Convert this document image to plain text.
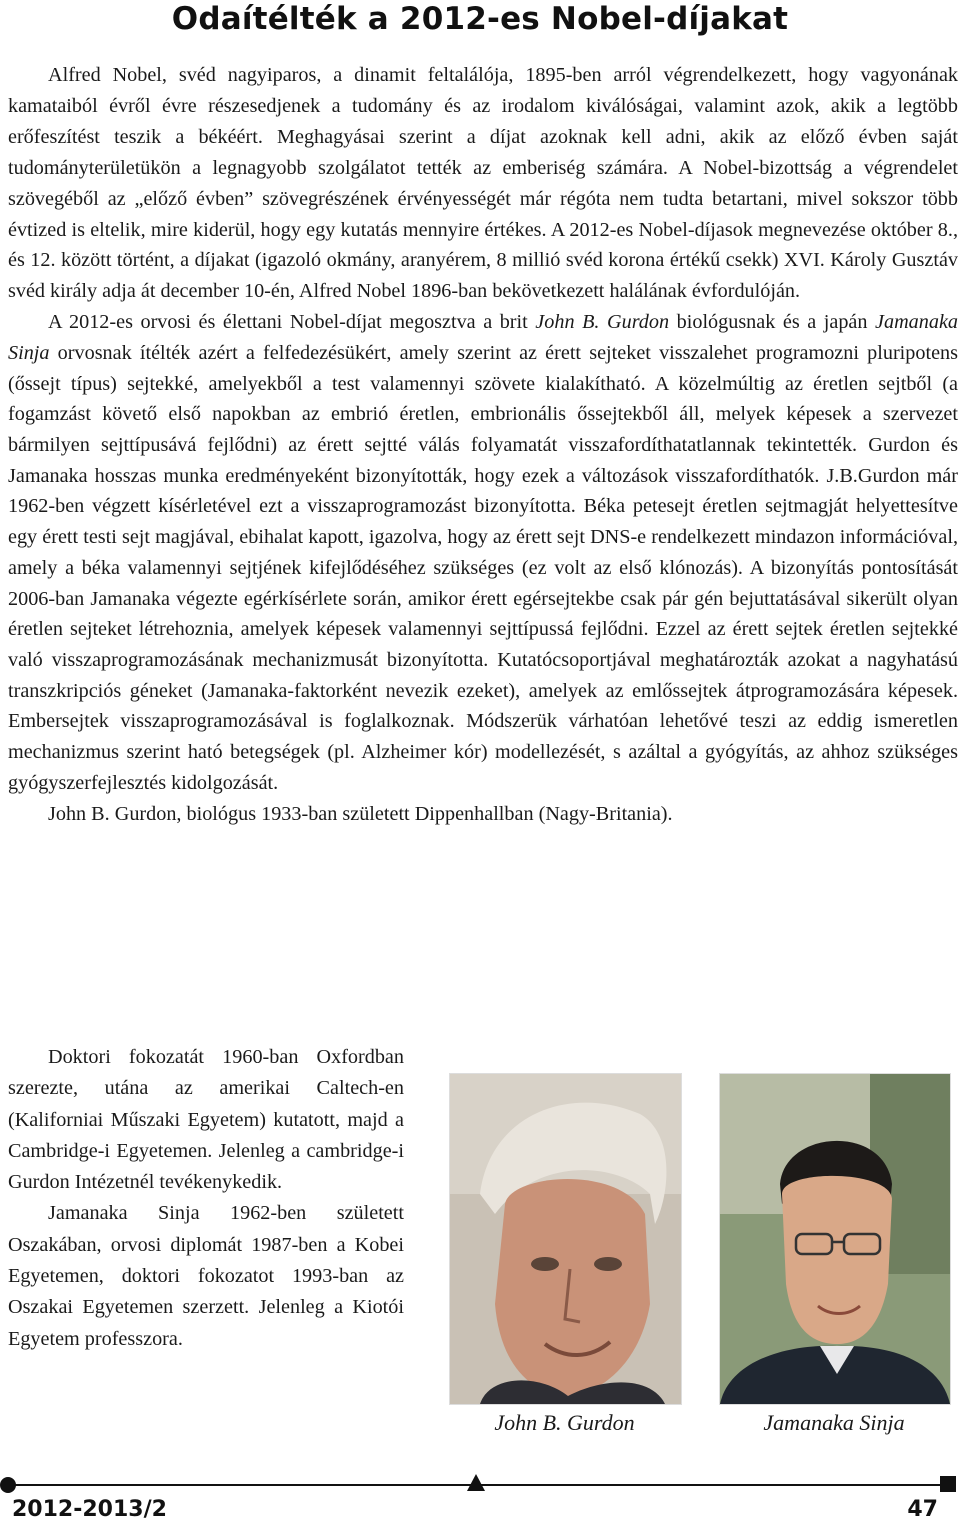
Odaítélték a 2012-es Nobel-díjakat

Alfred Nobel, svéd nagyiparos, a dinamit feltalálója, 1895-ben arról végrendelkezett, hogy vagyonának kamataiból évről évre részesedjenek a tudomány és az irodalom kiválóságai, valamint azok, akik a legtöbb erőfeszítést teszik a békéért. Meghagyásai szerint a díjat azoknak kell adni, akik az előző évben saját tudományterületükön a legnagyobb szolgálatot tették az emberiség számára. A Nobel-bizottság a végrendelet szövegéből az „előző évben” szövegrészének érvényességét már régóta nem tudta betartani, mivel sokszor több évtized is eltelik, mire kiderül, hogy egy kutatás mennyire értékes. A 2012-es Nobel-díjasok megnevezése október 8., és 12. között történt, a díjakat (igazoló okmány, aranyérem, 8 millió svéd korona értékű csekk) XVI. Károly Gusztáv svéd király adja át december 10-én, Alfred Nobel 1896-ban bekövetkezett halálának évfordulóján.

A 2012-es orvosi és élettani Nobel-díjat megosztva a brit John B. Gurdon biológusnak és a japán Jamanaka Sinja orvosnak ítélték azért a felfedezésükért, amely szerint az érett sejteket visszalehet programozni pluripotens (őssejt típus) sejtekké, amelyekből a test valamennyi szövete kialakítható. A közelmúltig az éretlen sejtből (a fogamzást követő első napokban az embrió éretlen, embrionális őssejtekből áll, melyek képesek a szervezet bármilyen sejttípusává fejlődni) az érett sejtté válás folyamatát visszafordíthatatlannak tekintették. Gurdon és Jamanaka hosszas munka eredményeként bizonyították, hogy ezek a változások visszafordíthatók. J.B.Gurdon már 1962-ben végzett kísérletével ezt a visszaprogramozást bizonyította. Béka petesejt éretlen sejtmagját helyettesítve egy érett testi sejt magjával, ebihalat kapott, igazolva, hogy az érett sejt DNS-e rendelkezett mindazon információval, amely a béka valamennyi sejtjének kifejlődéséhez szükséges (ez volt az első klónozás). A bizonyítás pontosítását 2006-ban Jamanaka végezte egérkísérlete során, amikor érett egérsejtekbe csak pár gén bejuttatásával sikerült olyan éretlen sejteket létrehoznia, amelyek képesek valamennyi sejttípussá fejlődni. Ezzel az érett sejtek éretlen sejtekké való visszaprogramozásának mechanizmusát bizonyította. Kutatócsoportjával meghatározták azokat a nagyhatású transzkripciós géneket (Jamanaka-faktorként nevezik ezeket), amelyek az emlőssejtek átprogramozására képesek. Embersejtek visszaprogramozásával is foglalkoznak. Módszerük várhatóan lehetővé teszi az eddig ismeretlen mechanizmus szerint ható betegségek (pl. Alzheimer kór) modellezését, s azáltal a gyógyítás, az ahhoz szükséges gyógyszerfejlesztés kidolgozását.

John B. Gurdon, biológus 1933-ban született Dippenhallban (Nagy-Britania).

Doktori fokozatát 1960-ban Oxfordban szerezte, utána az amerikai Caltech-en (Kaliforniai Műszaki Egyetem) kutatott, majd a Cambridge-i Egyetemen. Jelenleg a cambridge-i Gurdon Intézetnél tevékenykedik.

Jamanaka Sinja 1962-ben született Oszakában, orvosi diplomát 1987-ben a Kobei Egyetemen, doktori fokozatot 1993-ban az Oszakai Egyetemen szerzett. Jelenleg a Kiotói Egyetem professzora.

John B. Gurdon	Jamanaka Sinja
2012-2013/2	47
